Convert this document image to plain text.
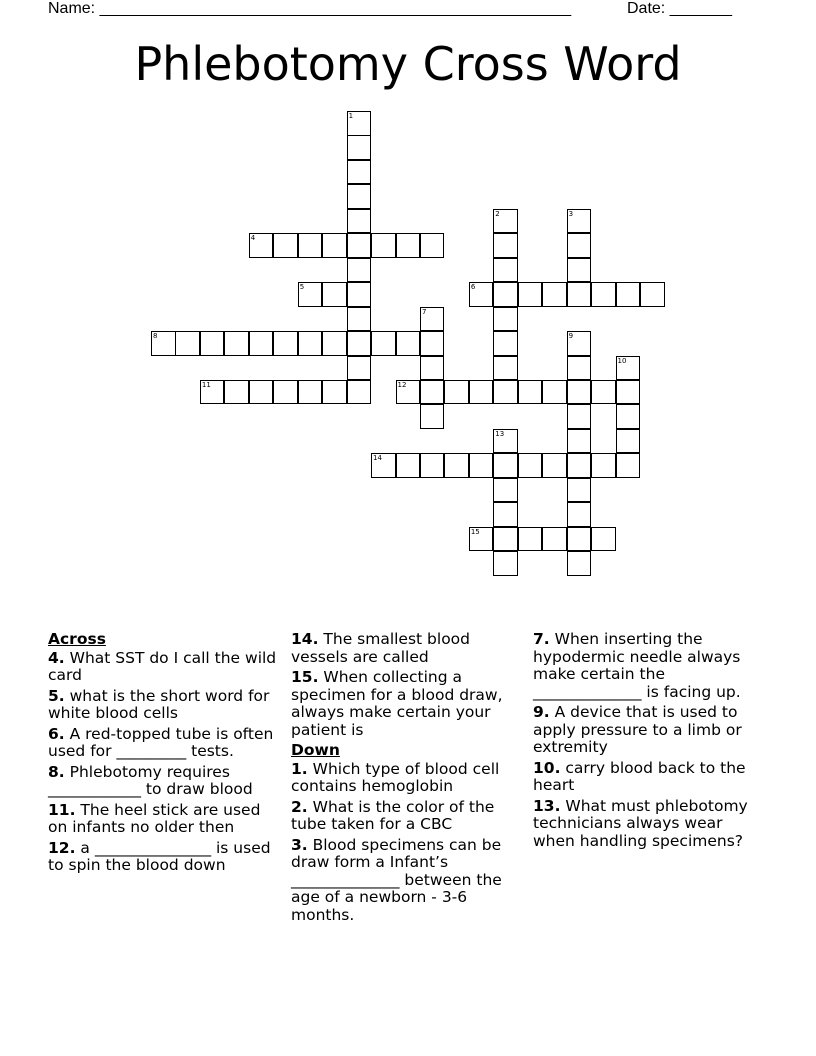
Name: _____________________________________________________	Date: _______
Phlebotomy Cross Word
1
2	3
4
5	6
7
8	9
10
11	12
13
14
15
Across
4. What SST do I call the wild card
5. what is the short word for white blood cells
6. A red-topped tube is often used for _________ tests.
8. Phlebotomy requires ____________ to draw blood
11. The heel stick are used on infants no older then
12. a _______________ is used to spin the blood down
14. The smallest blood vessels are called
15. When collecting a specimen for a blood draw, always make certain your patient is
Down
1. Which type of blood cell contains hemoglobin
2. What is the color of the tube taken for a CBC
3. Blood specimens can be draw form a Infant’s ______________ between the age of a newborn - 3-6 months.
7. When inserting the hypodermic needle always make certain the ______________ is facing up.
9. A device that is used to apply pressure to a limb or extremity
10. carry blood back to the heart
13. What must phlebotomy technicians always wear when handling specimens?
